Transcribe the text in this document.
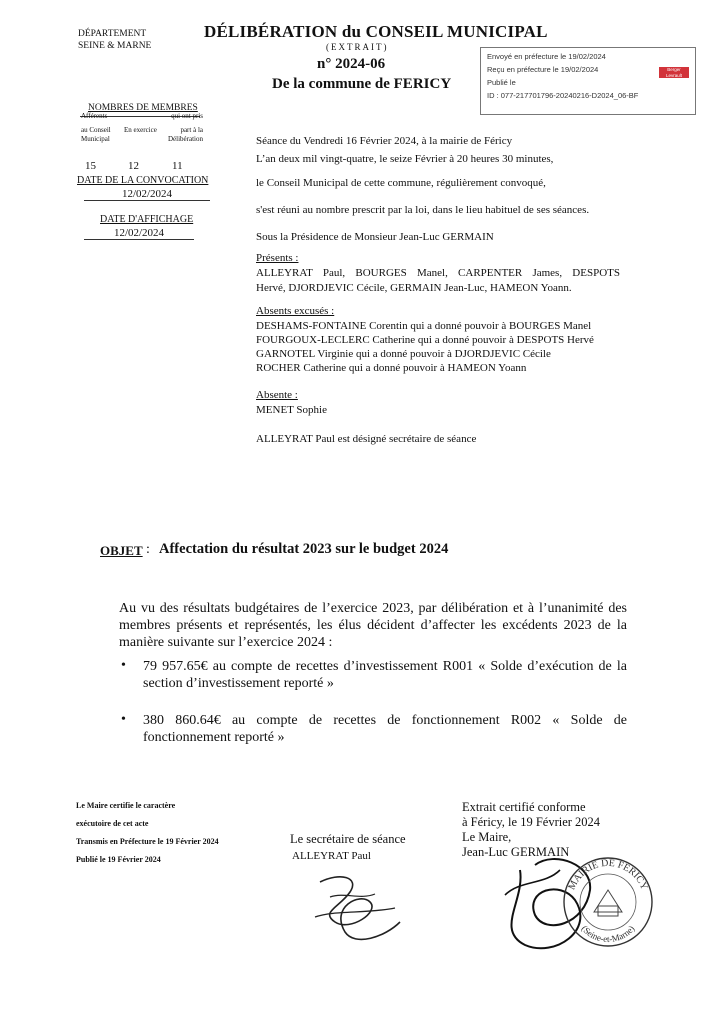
DÉPARTEMENT
SEINE & MARNE
DÉLIBÉRATION du CONSEIL MUNICIPAL
(EXTRAIT)
n° 2024-06
De la commune de FERICY
Envoyé en préfecture le 19/02/2024
Reçu en préfecture le 19/02/2024
Publié le
ID : 077-217701796-20240216-D2024_06-BF
Berger
Levrault
NOMBRES DE MEMBRES
Afférents
au Conseil
Municipal
En exercice
qui ont pris
part à la
Délibération
15	12	11
DATE DE LA CONVOCATION
12/02/2024
DATE D'AFFICHAGE
12/02/2024
Séance du Vendredi 16 Février 2024, à la mairie de Féricy
L’an deux mil vingt-quatre, le seize Février à 20 heures 30 minutes,
le Conseil Municipal de cette commune, régulièrement convoqué,
s'est réuni au nombre prescrit par la loi, dans le lieu habituel de ses séances.
Sous la Présidence de Monsieur Jean-Luc GERMAIN
Présents :
ALLEYRAT Paul, BOURGES Manel, CARPENTER James, DESPOTS
Hervé, DJORDJEVIC Cécile, GERMAIN Jean-Luc, HAMEON Yoann.
Absents excusés :
DESHAMS-FONTAINE Corentin qui a donné pouvoir à BOURGES Manel
FOURGOUX-LECLERC Catherine qui a donné pouvoir à DESPOTS Hervé
GARNOTEL Virginie qui a donné pouvoir à DJORDJEVIC Cécile
ROCHER Catherine qui a donné pouvoir à HAMEON Yoann
Absente :
MENET Sophie
ALLEYRAT Paul est désigné secrétaire de séance
OBJET : Affectation du résultat 2023 sur le budget 2024
Au vu des résultats budgétaires de l’exercice 2023, par délibération et à l’unanimité des membres présents et représentés, les élus décident d’affecter les excédents 2023 de la manière suivante sur l’exercice 2024 :
• 79 957.65€ au compte de recettes d’investissement R001 « Solde d’exécution de la section d’investissement reporté »
• 380 860.64€ au compte de recettes de fonctionnement R002 « Solde de fonctionnement reporté »
Le Maire certifie le caractère
exécutoire de cet acte
Transmis en Préfecture le 19 Février 2024
Publié le 19 Février 2024
Le secrétaire de séance
ALLEYRAT Paul
Extrait certifié conforme
à Féricy, le 19 Février 2024
Le Maire,
Jean-Luc GERMAIN
MAIRIE DE FERICY
(Seine-et-Marne)
